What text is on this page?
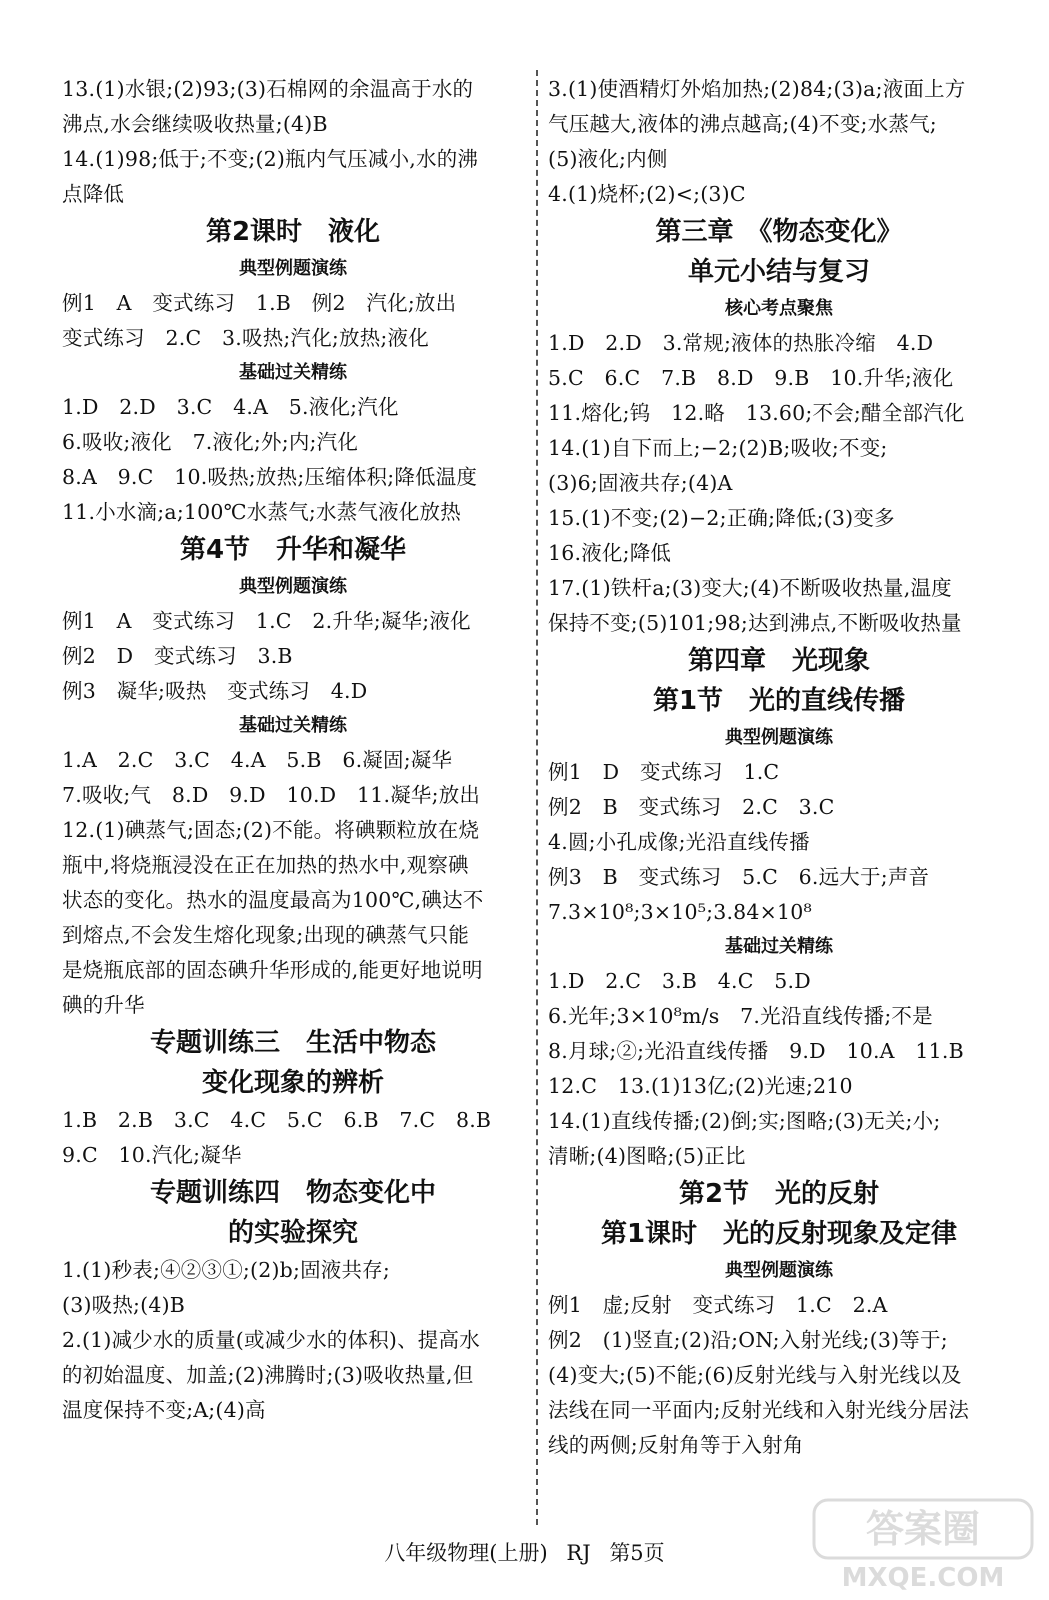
13.(1)水银;(2)93;(3)石棉网的余温高于水的
沸点,水会继续吸收热量;(4)B
14.(1)98;低于;不变;(2)瓶内气压减小,水的沸
点降低
第2课时　液化
典型例题演练
例1　A　变式练习　1.B　例2　汽化;放出
变式练习　2.C　3.吸热;汽化;放热;液化
基础过关精练
1.D　2.D　3.C　4.A　5.液化;汽化
6.吸收;液化　7.液化;外;内;汽化
8.A　9.C　10.吸热;放热;压缩体积;降低温度
11.小水滴;a;100℃水蒸气;水蒸气液化放热
第4节　升华和凝华
典型例题演练
例1　A　变式练习　1.C　2.升华;凝华;液化
例2　D　变式练习　3.B
例3　凝华;吸热　变式练习　4.D
基础过关精练
1.A　2.C　3.C　4.A　5.B　6.凝固;凝华
7.吸收;气　8.D　9.D　10.D　11.凝华;放出
12.(1)碘蒸气;固态;(2)不能。将碘颗粒放在烧
瓶中,将烧瓶浸没在正在加热的热水中,观察碘
状态的变化。热水的温度最高为100℃,碘达不
到熔点,不会发生熔化现象;出现的碘蒸气只能
是烧瓶底部的固态碘升华形成的,能更好地说明
碘的升华
专题训练三　生活中物态
变化现象的辨析
1.B　2.B　3.C　4.C　5.C　6.B　7.C　8.B
9.C　10.汽化;凝华
专题训练四　物态变化中
的实验探究
1.(1)秒表;④②③①;(2)b;固液共存;
(3)吸热;(4)B
2.(1)减少水的质量(或减少水的体积)、提高水
的初始温度、加盖;(2)沸腾时;(3)吸收热量,但
温度保持不变;A;(4)高
3.(1)使酒精灯外焰加热;(2)84;(3)a;液面上方
气压越大,液体的沸点越高;(4)不变;水蒸气;
(5)液化;内侧
4.(1)烧杯;(2)<;(3)C
第三章　《物态变化》
单元小结与复习
核心考点聚焦
1.D　2.D　3.常规;液体的热胀冷缩　4.D
5.C　6.C　7.B　8.D　9.B　10.升华;液化
11.熔化;钨　12.略　13.60;不会;醋全部汽化
14.(1)自下而上;−2;(2)B;吸收;不变;
(3)6;固液共存;(4)A
15.(1)不变;(2)−2;正确;降低;(3)变多
16.液化;降低
17.(1)铁杆a;(3)变大;(4)不断吸收热量,温度
保持不变;(5)101;98;达到沸点,不断吸收热量
第四章　光现象
第1节　光的直线传播
典型例题演练
例1　D　变式练习　1.C
例2　B　变式练习　2.C　3.C
4.圆;小孔成像;光沿直线传播
例3　B　变式练习　5.C　6.远大于;声音
7.3×10⁸;3×10⁵;3.84×10⁸
基础过关精练
1.D　2.C　3.B　4.C　5.D
6.光年;3×10⁸m/s　7.光沿直线传播;不是
8.月球;②;光沿直线传播　9.D　10.A　11.B
12.C　13.(1)13亿;(2)光速;210
14.(1)直线传播;(2)倒;实;图略;(3)无关;小;
清晰;(4)图略;(5)正比
第2节　光的反射
第1课时　光的反射现象及定律
典型例题演练
例1　虚;反射　变式练习　1.C　2.A
例2　(1)竖直;(2)沿;ON;入射光线;(3)等于;
(4)变大;(5)不能;(6)反射光线与入射光线以及
法线在同一平面内;反射光线和入射光线分居法
线的两侧;反射角等于入射角
八年级物理(上册) RJ 第5页
答案圈
MXQE.COM
